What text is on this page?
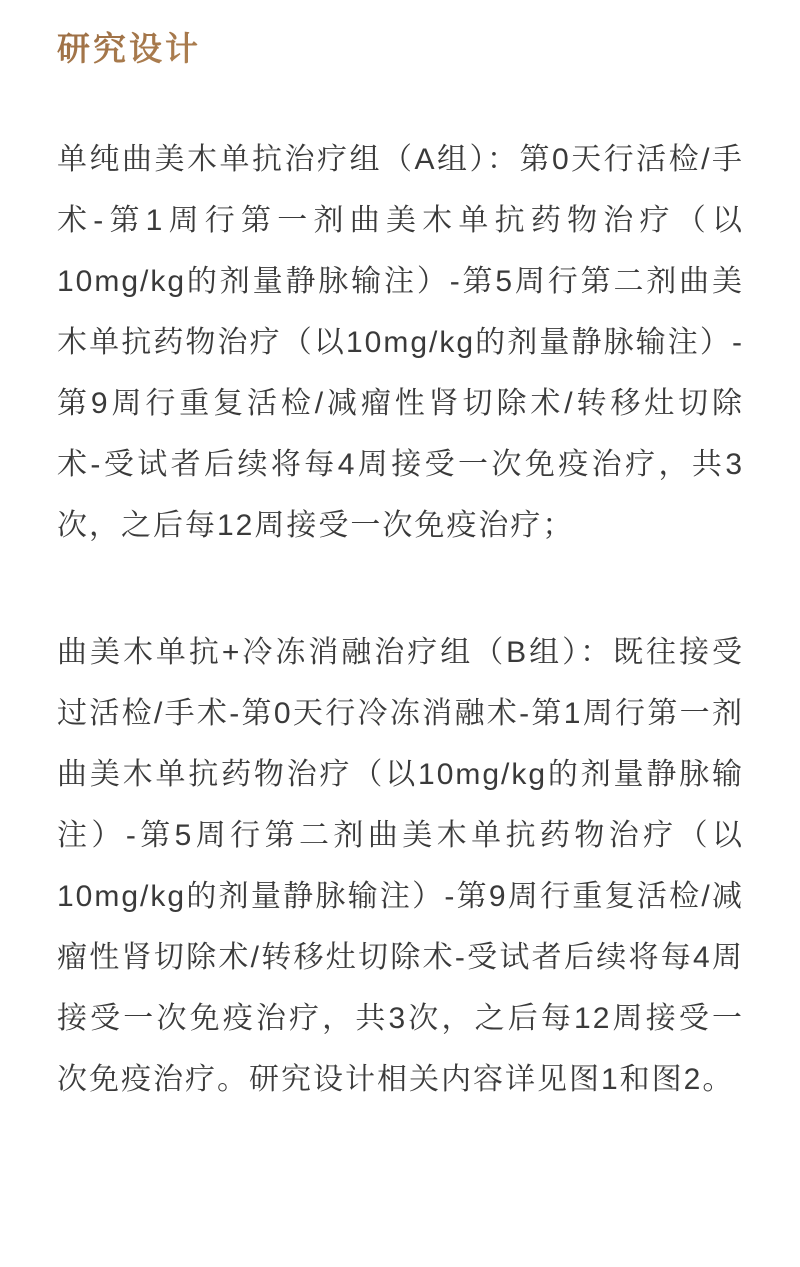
研究设计

单纯曲美木单抗治疗组（A组）：第0天行活检/手术-第1周行第一剂曲美木单抗药物治疗（以10mg/kg的剂量静脉输注）-第5周行第二剂曲美木单抗药物治疗（以10mg/kg的剂量静脉输注）-第9周行重复活检/减瘤性肾切除术/转移灶切除术-受试者后续将每4周接受一次免疫治疗，共3次，之后每12周接受一次免疫治疗；

曲美木单抗+冷冻消融治疗组（B组）：既往接受过活检/手术-第0天行冷冻消融术-第1周行第一剂曲美木单抗药物治疗（以10mg/kg的剂量静脉输注）-第5周行第二剂曲美木单抗药物治疗（以10mg/kg的剂量静脉输注）-第9周行重复活检/减瘤性肾切除术/转移灶切除术-受试者后续将每4周接受一次免疫治疗，共3次，之后每12周接受一次免疫治疗。研究设计相关内容详见图1和图2。
